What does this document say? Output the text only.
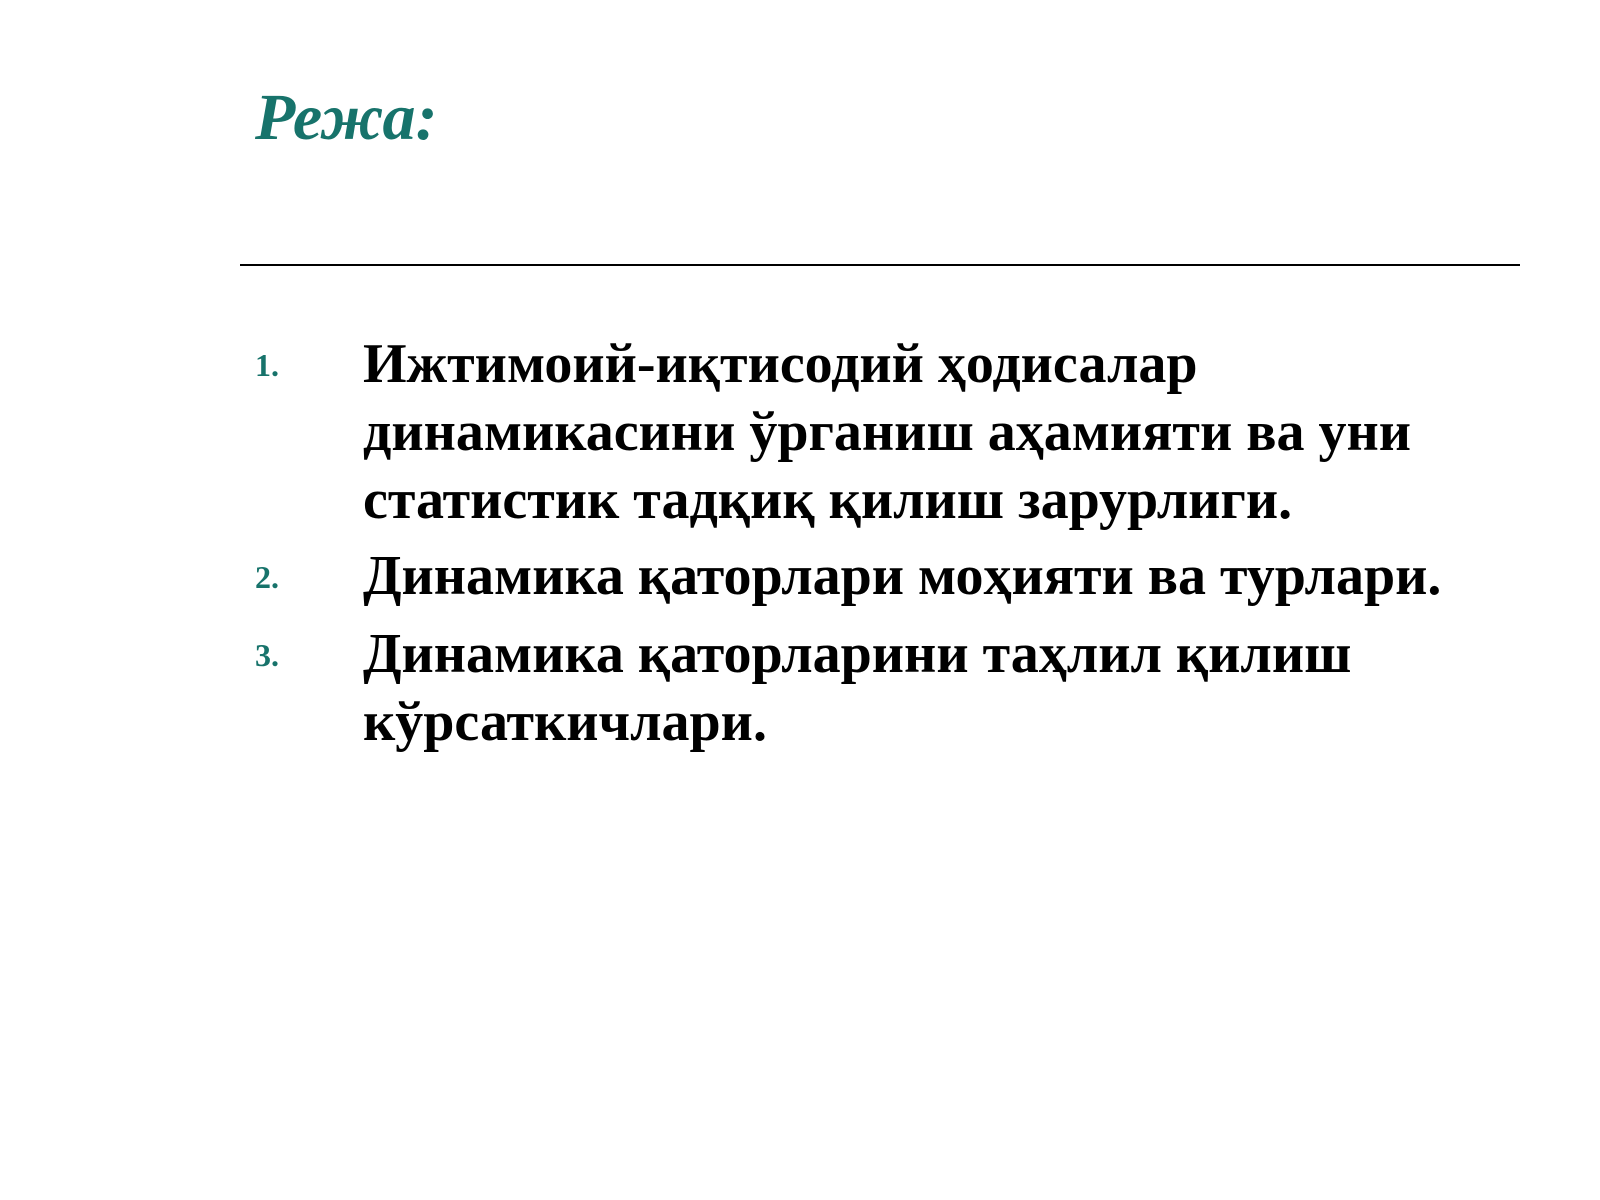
Режа:
1.	Ижтимоий-иқтисодий ҳодисалар динамикасини ўрганиш аҳамияти ва уни статистик тадқиқ қилиш зарурлиги.
2.	Динамика қаторлари моҳияти ва турлари.
3.	Динамика қаторларини таҳлил қилиш кўрсаткичлари.
